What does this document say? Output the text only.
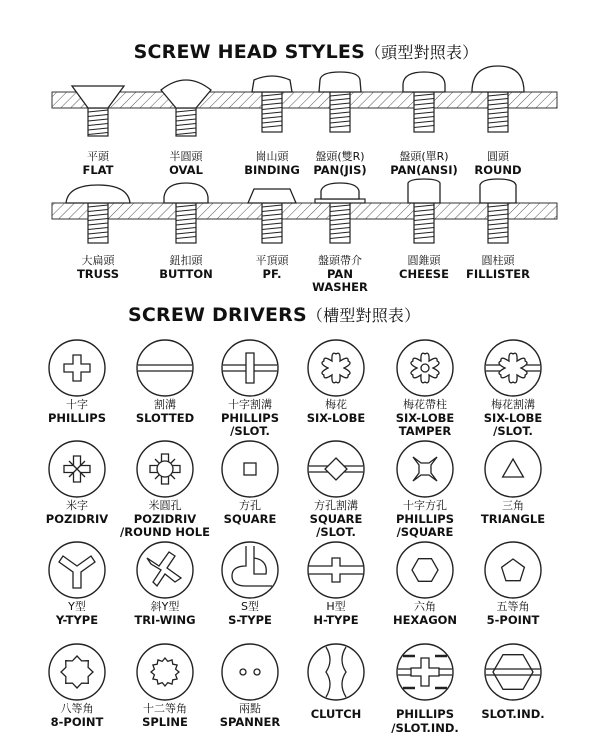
SCREW HEAD STYLES（頭型對照表）
SCREW DRIVERS（槽型對照表）
平頭
FLAT
半圓頭
OVAL
崗山頭
BINDING
盤頭(雙R)
PAN(JIS)
盤頭(單R)
PAN(ANSI)
圓頭
ROUND
大扁頭
TRUSS
鈕扣頭
BUTTON
平頂頭
PF.
盤頭帶介
PAN
WASHER
圓錐頭
CHEESE
圓柱頭
FILLISTER
十字
PHILLIPS
割溝
SLOTTED
十字割溝
PHILLIPS
/SLOT.
梅花
SIX-LOBE
梅花帶柱
SIX-LOBE
TAMPER
梅花割溝
SIX-LOBE
/SLOT.
米字
POZIDRIV
米圓孔
POZIDRIV
/ROUND HOLE
方孔
SQUARE
方孔割溝
SQUARE
/SLOT.
十字方孔
PHILLIPS
/SQUARE
三角
TRIANGLE
Y型
Y-TYPE
斜Y型
TRI-WING
S型
S-TYPE
H型
H-TYPE
六角
HEXAGON
五等角
5-POINT
八等角
8-POINT
十二等角
SPLINE
兩點
SPANNER
CLUTCH	PHILLIPS
/SLOT.IND.
SLOT.IND.
